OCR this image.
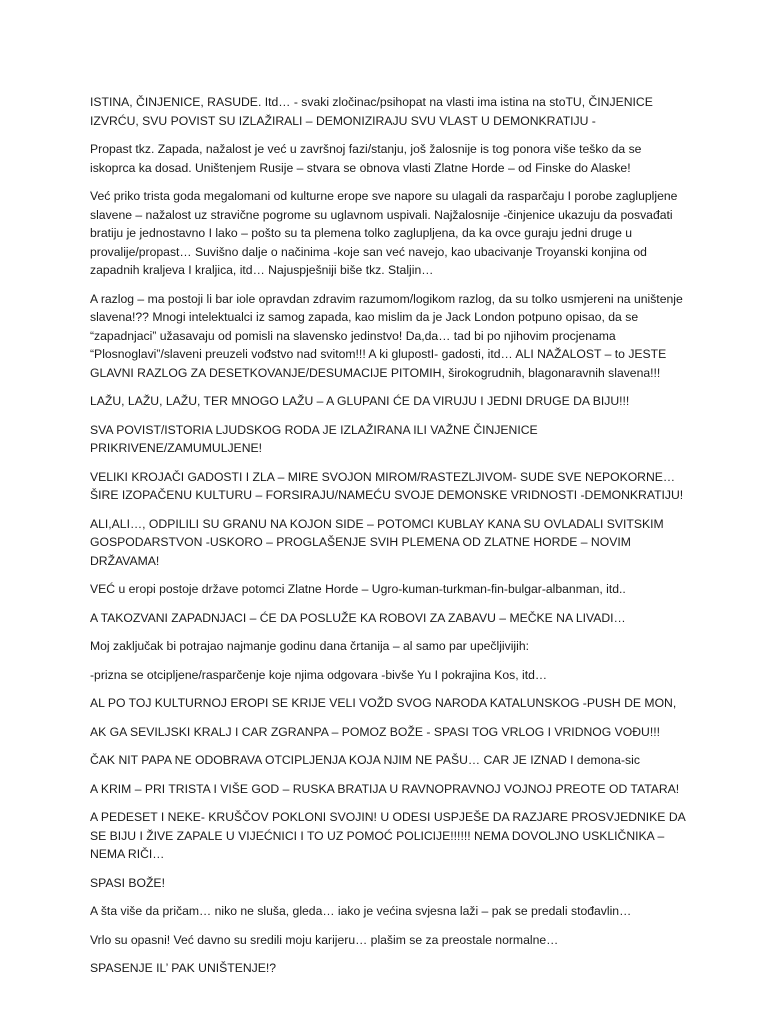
ISTINA, ČINJENICE, RASUDE. Itd… - svaki zločinac/psihopat na vlasti ima istina na stoTU, ČINJENICE IZVRĆU, SVU POVIST SU IZLAŽIRALI – DEMONIZIRAJU SVU VLAST U DEMONKRATIJU -

Propast tkz. Zapada, nažalost je već u završnoj fazi/stanju, još žalosnije is tog ponora više teško da se iskoprca ka dosad. Uništenjem Rusije – stvara se obnova vlasti Zlatne Horde – od Finske do Alaske!

Već priko trista goda megalomani od kulturne erope sve napore su ulagali da rasparčaju I porobe zaglupljene slavene – nažalost uz stravične pogrome su uglavnom uspivali. Najžalosnije -činjenice ukazuju da posvađati bratiju je jednostavno I lako – pošto su ta plemena tolko zaglupljena, da ka ovce guraju jedni druge u provalije/propast… Suvišno dalje o načinima -koje san već navejo, kao ubacivanje Troyanski konjina od zapadnih kraljeva I kraljica, itd… Najuspješniji biše tkz. Staljin…

A razlog – ma postoji li bar iole opravdan zdravim razumom/logikom razlog, da su tolko usmjereni na uništenje slavena!?? Mnogi intelektualci iz samog zapada, kao mislim da je Jack London potpuno opisao, da se “zapadnjaci” užasavaju od pomisli na slavensko jedinstvo! Da,da… tad bi po njihovim procjenama “Plosnoglavi”/slaveni preuzeli vođstvo nad svitom!!! A ki glupostI- gadosti, itd… ALI NAŽALOST – to JESTE GLAVNI RAZLOG ZA DESETKOVANJE/DESUMACIJE PITOMIH, širokogrudnih, blagonaravnih slavena!!!

LAŽU, LAŽU, LAŽU, TER MNOGO LAŽU – A GLUPANI ĆE DA VIRUJU I JEDNI DRUGE DA BIJU!!!

SVA POVIST/ISTORIA LJUDSKOG RODA JE IZLAŽIRANA ILI VAŽNE ČINJENICE PRIKRIVENE/ZAMUMULJENE!

VELIKI KROJAČI GADOSTI I ZLA – MIRE SVOJON MIROM/RASTEZLJIVOM- SUDE SVE NEPOKORNE… ŠIRE IZOPAČENU KULTURU – FORSIRAJU/NAMEĆU SVOJE DEMONSKE VRIDNOSTI -DEMONKRATIJU!

ALI,ALI…, ODPILILI SU GRANU NA KOJON SIDE – POTOMCI KUBLAY KANA SU OVLADALI SVITSKIM GOSPODARSTVON -USKORO – PROGLAŠENJE SVIH PLEMENA OD ZLATNE HORDE – NOVIM DRŽAVAMA!

VEĆ u eropi postoje države potomci Zlatne Horde – Ugro-kuman-turkman-fin-bulgar-albanman, itd..

A TAKOZVANI ZAPADNJACI – ĆE DA POSLUŽE KA ROBOVI ZA ZABAVU – MEČKE NA LIVADI…

Moj zaključak bi potrajao najmanje godinu dana črtanija – al samo par upečljivijih:

-prizna se otcipljene/rasparčenje koje njima odgovara -bivše Yu I pokrajina Kos, itd…

AL PO TOJ KULTURNOJ EROPI SE KRIJE VELI VOŽD SVOG NARODA KATALUNSKOG -PUSH DE MON,

AK GA SEVILJSKI KRALJ I CAR ZGRANPA – POMOZ BOŽE - SPASI TOG VRLOG I VRIDNOG VOĐU!!!

ČAK NIT PAPA NE ODOBRAVA OTCIPLJENJA KOJA NJIM NE PAŠU… CAR JE IZNAD I demona-sic

A KRIM – PRI TRISTA I VIŠE GOD – RUSKA BRATIJA U RAVNOPRAVNOJ VOJNOJ PREOTE OD TATARA!

A PEDESET I NEKE- KRUŠČOV POKLONI SVOJIN! U ODESI USPJEŠE DA RAZJARE PROSVJEDNIKE DA SE BIJU I ŽIVE ZAPALE U VIJEĆNICI I TO UZ POMOĆ POLICIJE!!!!!! NEMA DOVOLJNO USKLIČNIKA – NEMA RIČI…

SPASI BOŽE!

A šta više da pričam… niko ne sluša, gleda… iako je većina svjesna laži – pak se predali stođavlin…

Vrlo su opasni! Već davno su sredili moju karijeru… plašim se za preostale normalne…

SPASENJE IL’ PAK UNIŠTENJE!?
